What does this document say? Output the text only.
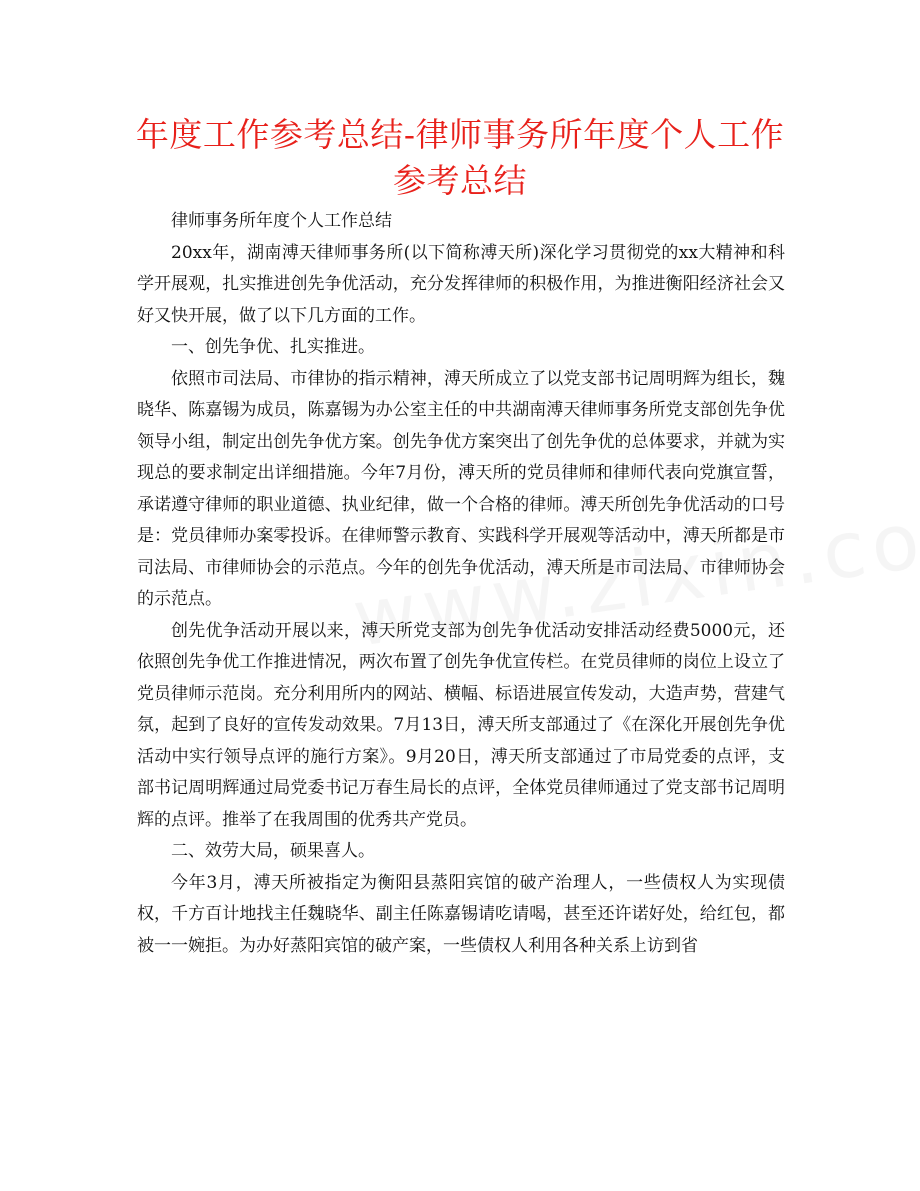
年度工作参考总结-律师事务所年度个人工作参考总结

律师事务所年度个人工作总结

20xx年，湖南溥天律师事务所(以下简称溥天所)深化学习贯彻党的xx大精神和科学开展观，扎实推进创先争优活动，充分发挥律师的积极作用，为推进衡阳经济社会又好又快开展，做了以下几方面的工作。

一、创先争优、扎实推进。

依照市司法局、市律协的指示精神，溥天所成立了以党支部书记周明辉为组长，魏晓华、陈嘉锡为成员，陈嘉锡为办公室主任的中共湖南溥天律师事务所党支部创先争优领导小组，制定出创先争优方案。创先争优方案突出了创先争优的总体要求，并就为实现总的要求制定出详细措施。今年7月份，溥天所的党员律师和律师代表向党旗宣誓，承诺遵守律师的职业道德、执业纪律，做一个合格的律师。溥天所创先争优活动的口号是：党员律师办案零投诉。在律师警示教育、实践科学开展观等活动中，溥天所都是市司法局、市律师协会的示范点。今年的创先争优活动，溥天所是市司法局、市律师协会的示范点。

创先优争活动开展以来，溥天所党支部为创先争优活动安排活动经费5000元，还依照创先争优工作推进情况，两次布置了创先争优宣传栏。在党员律师的岗位上设立了党员律师示范岗。充分利用所内的网站、横幅、标语进展宣传发动，大造声势，营建气氛，起到了良好的宣传发动效果。7月13日，溥天所支部通过了《在深化开展创先争优活动中实行领导点评的施行方案》。9月20日，溥天所支部通过了市局党委的点评，支部书记周明辉通过局党委书记万春生局长的点评，全体党员律师通过了党支部书记周明辉的点评。推举了在我周围的优秀共产党员。

二、效劳大局，硕果喜人。

今年3月，溥天所被指定为衡阳县蒸阳宾馆的破产治理人，一些债权人为实现债权，千方百计地找主任魏晓华、副主任陈嘉锡请吃请喝，甚至还许诺好处，给红包，都被一一婉拒。为办好蒸阳宾馆的破产案，一些债权人利用各种关系上访到省
